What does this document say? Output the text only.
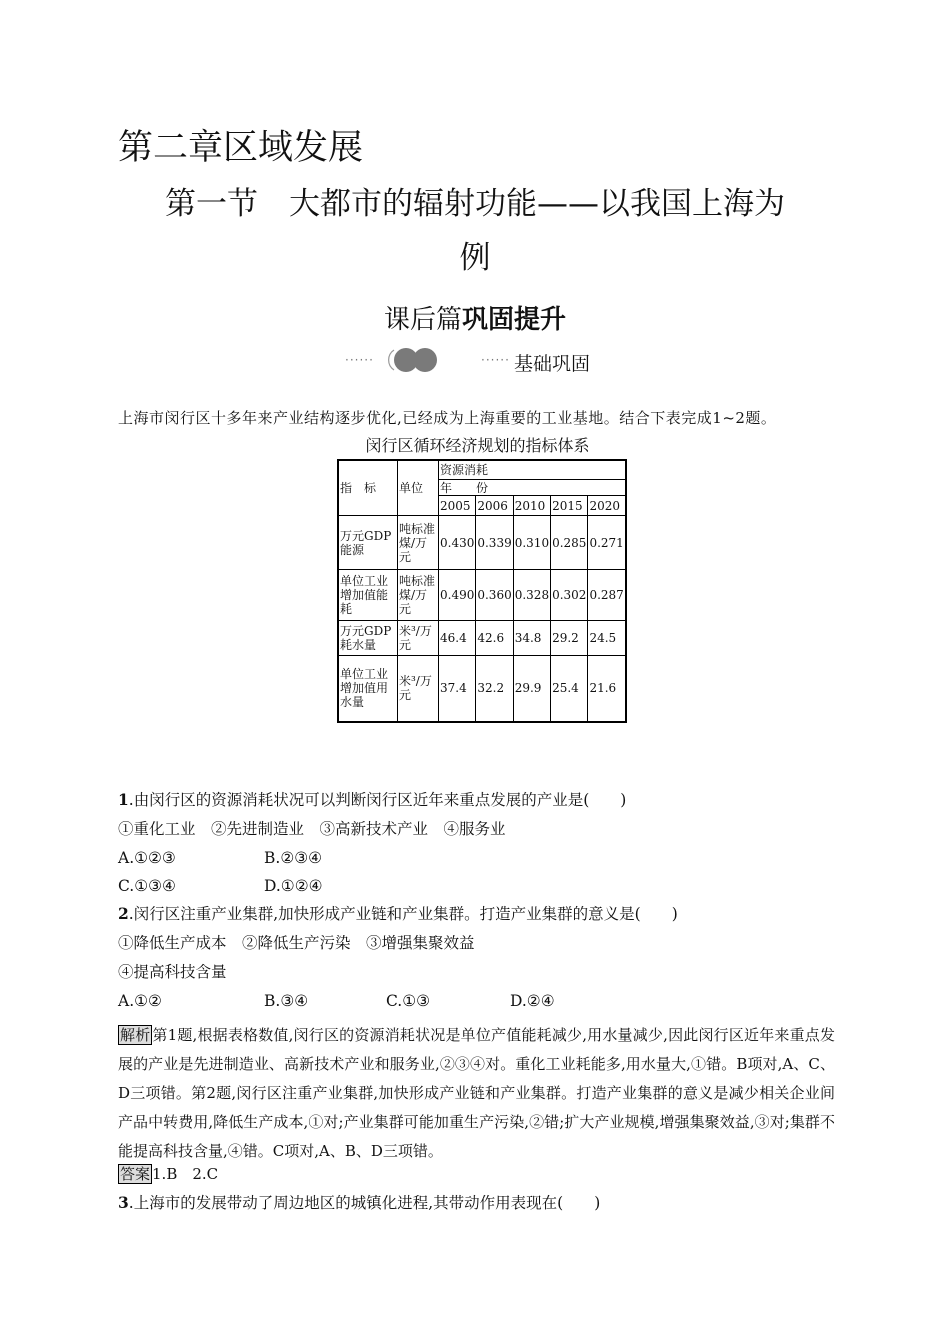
第二章区域发展
第一节　大都市的辐射功能——以我国上海为
例
课后篇巩固提升
······	······ 基础巩固
上海市闵行区十多年来产业结构逐步优化,已经成为上海重要的工业基地。结合下表完成1~2题。
闵行区循环经济规划的指标体系
指　标	单位	资源消耗				
		年　　份				
		2005	2006	2010	2015	2020
万元GDP能源	吨标准煤/万元	0.430	0.339	0.310	0.285	0.271
单位工业增加值能耗	吨标准煤/万元	0.490	0.360	0.328	0.302	0.287
万元GDP耗水量	米³/万元	46.4	42.6	34.8	29.2	24.5
单位工业增加值用水量	米³/万元	37.4	32.2	29.9	25.4	21.6
1.由闵行区的资源消耗状况可以判断闵行区近年来重点发展的产业是(　　)
①重化工业　②先进制造业　③高新技术产业　④服务业
A.①②③	B.②③④
C.①③④	D.①②④
2.闵行区注重产业集群,加快形成产业链和产业集群。打造产业集群的意义是(　　)
①降低生产成本　②降低生产污染　③增强集聚效益
④提高科技含量
A.①②	B.③④	C.①③	D.②④
解析 第1题,根据表格数值,闵行区的资源消耗状况是单位产值能耗减少,用水量减少,因此闵行区近年来重点发展的产业是先进制造业、高新技术产业和服务业,②③④对。重化工业耗能多,用水量大,①错。B项对,A、C、D三项错。第2题,闵行区注重产业集群,加快形成产业链和产业集群。打造产业集群的意义是减少相关企业间产品中转费用,降低生产成本,①对;产业集群可能加重生产污染,②错;扩大产业规模,增强集聚效益,③对;集群不能提高科技含量,④错。C项对,A、B、D三项错。
答案 1.B　2.C
3.上海市的发展带动了周边地区的城镇化进程,其带动作用表现在(　　)
